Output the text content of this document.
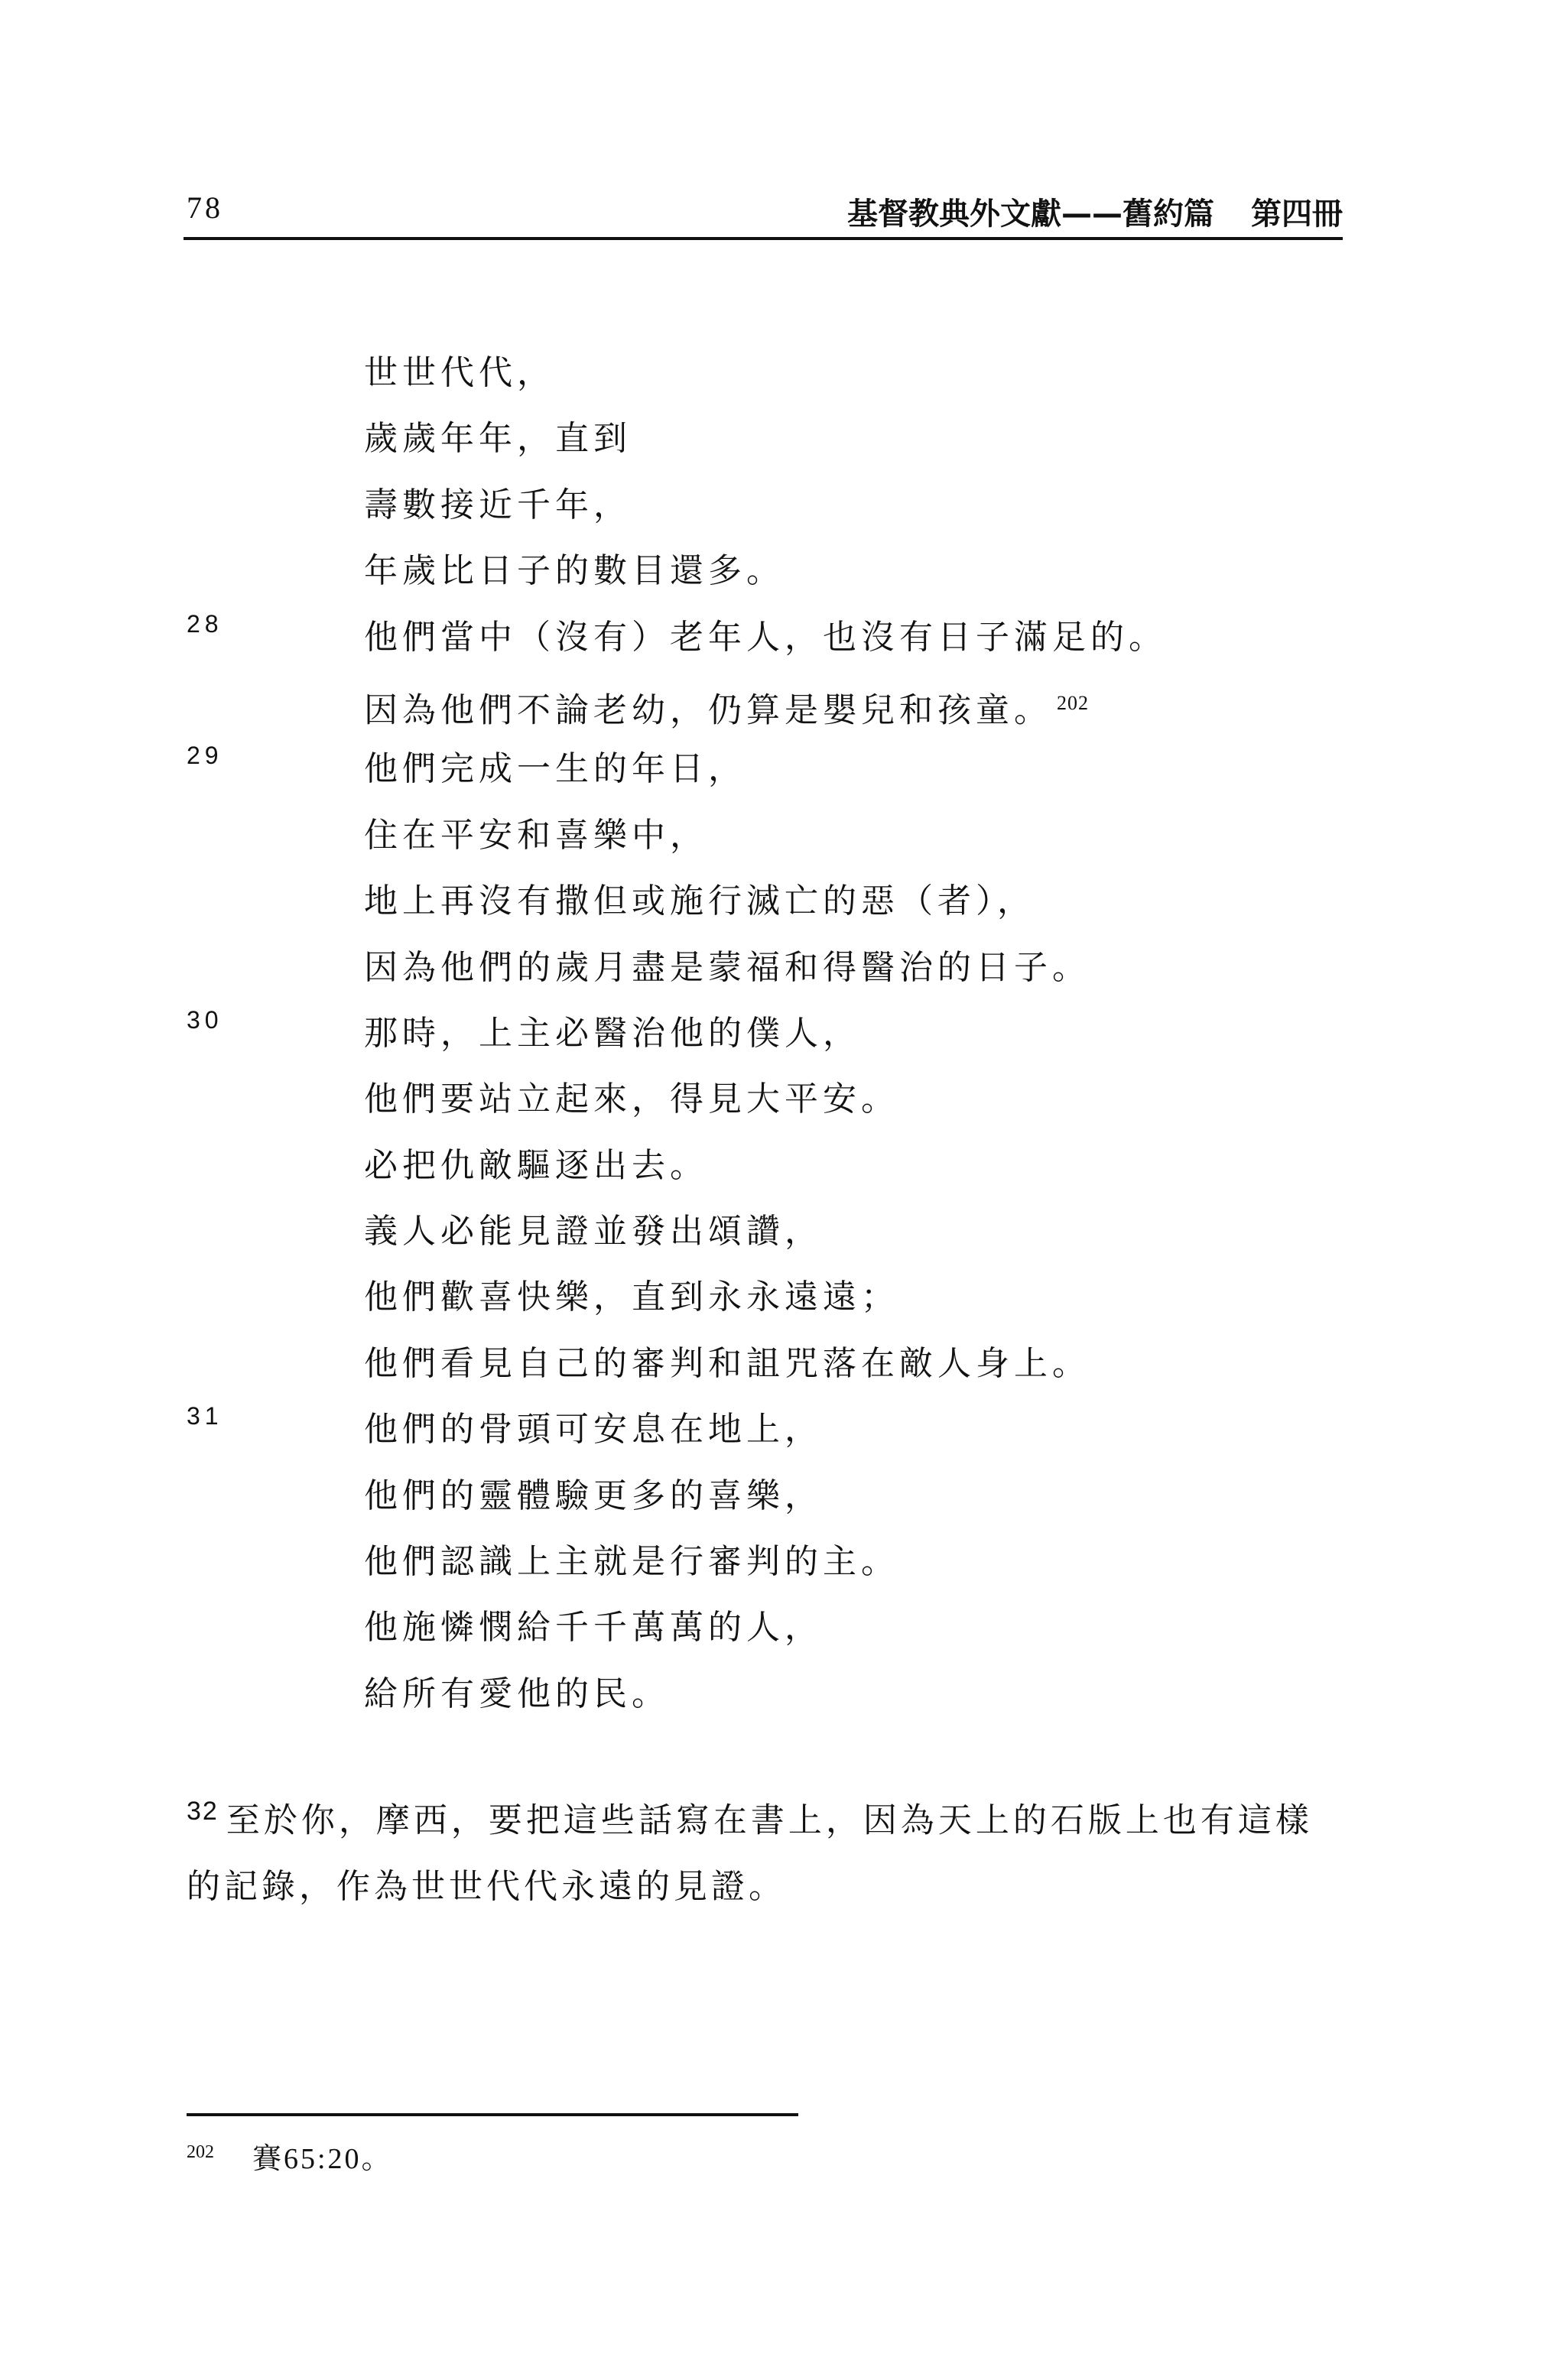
78	基督教典外文獻——舊約篇 第四冊
世世代代，
歲歲年年，直到
壽數接近千年，
年歲比日子的數目還多。
28	他們當中（沒有）老年人，也沒有日子滿足的。
因為他們不論老幼，仍算是嬰兒和孩童。 $^{202}$
29	他們完成一生的年日，
住在平安和喜樂中，
地上再沒有撒但或施行滅亡的惡（者），
因為他們的歲月盡是蒙福和得醫治的日子。
30	那時，上主必醫治他的僕人，
他們要站立起來，得見大平安。
必把仇敵驅逐出去。
義人必能見證並發出頌讚，
他們歡喜快樂，直到永永遠遠；
他們看見自己的審判和詛咒落在敵人身上。
31	他們的骨頭可安息在地上，
他們的靈體驗更多的喜樂，
他們認識上主就是行審判的主。
他施憐憫給千千萬萬的人，
給所有愛他的民。
$^{32}$ 至於你，摩西，要把這些話寫在書上，因為天上的石版上也有這樣
的記錄，作為世世代代永遠的見證。
$^{202}$ 賽65:20。
